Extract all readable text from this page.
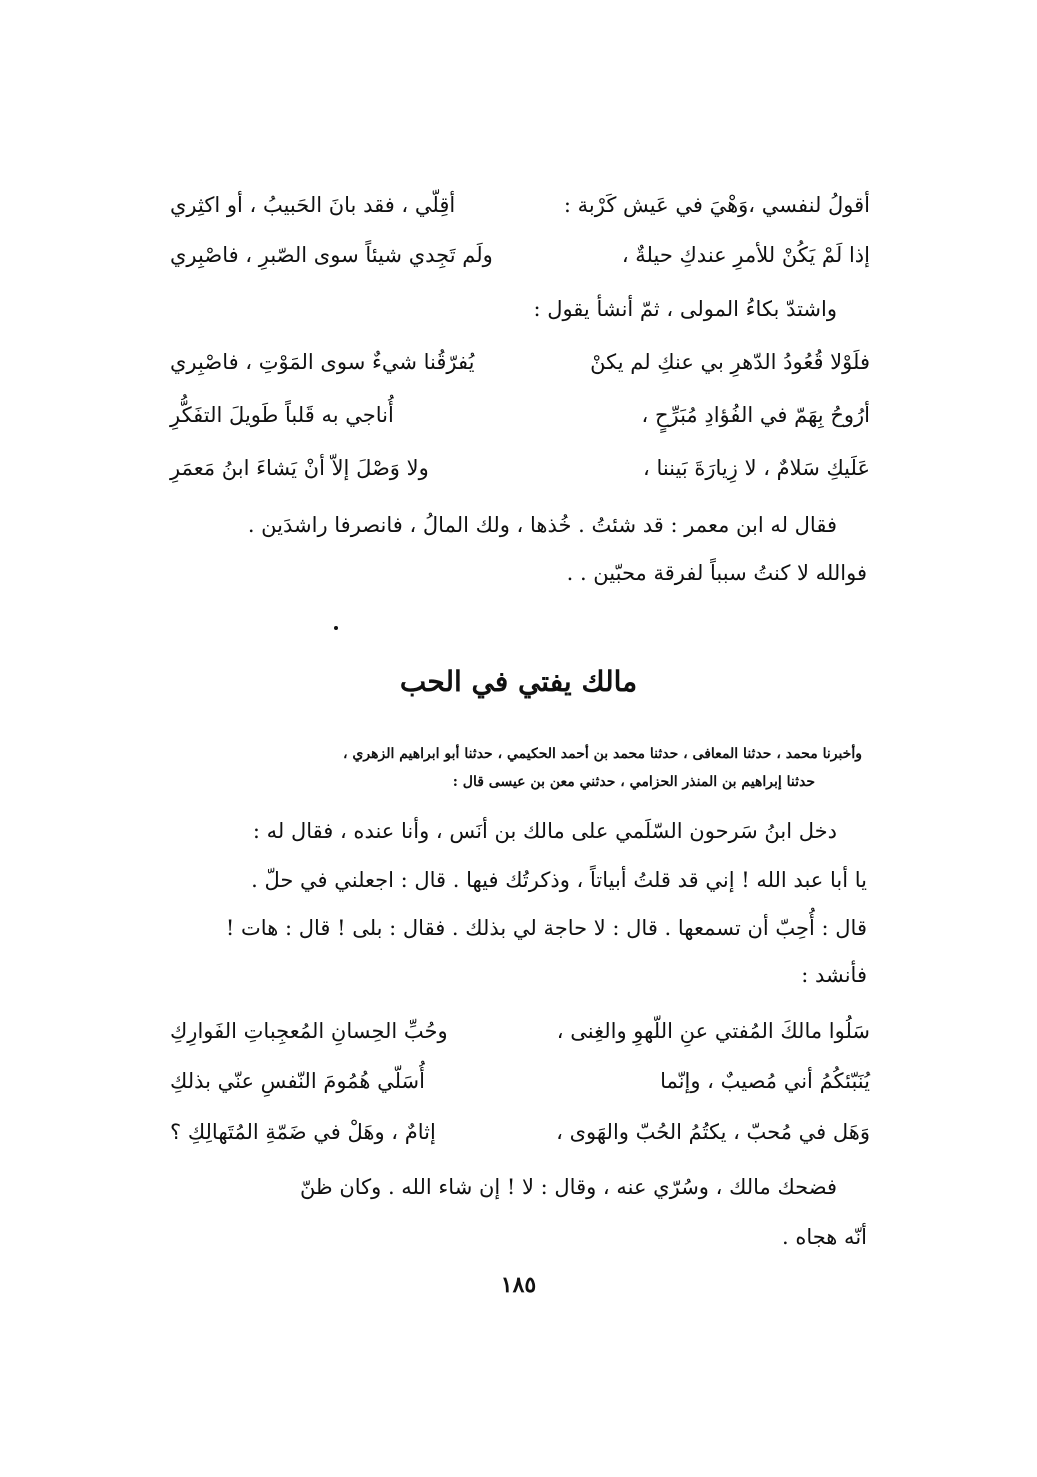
أقولُ لنفسي ،وَهْيَ في عَيش كَرْبة :
أقِلّي ، فقد بانَ الحَبيبُ ، أو اكثِري
إذا لَمْ يَكُنْ للأمرِ عندكِ حيلةٌ ،
ولَم تَجِدي شيئاً سوى الصّبرِ ، فاصْبِري
واشتدّ بكاءُ المولى ، ثمّ أنشأ يقول :
فلَوْلا قُعُودُ الدّهرِ بي عنكِ لم يكنْ
يُفرّقُنا شيءٌ سوى المَوْتِ ، فاصْبِري
أرُوحُ بِهَمّ في الفُؤادِ مُبَرِّحٍ ،
أُناجي به قَلباً طَويلَ التفَكُّرِ
عَلَيكِ سَلامٌ ، لا زِيارَةَ بَيننا ،
ولا وَصْلَ إلاّ أنْ يَشاءَ ابنُ مَعمَرِ
فقال له ابن معمر : قد شئتُ . خُذها ، ولك المالُ ، فانصرفا راشدَين .
فوالله لا كنتُ سبباً لفرقة محبّين . .
مالك يفتي في الحب
وأخبرنا محمد ، حدثنا المعافى ، حدثنا محمد بن أحمد الحكيمي ، حدثنا أبو ابراهيم الزهري ،
حدثنا إبراهيم بن المنذر الحزامي ، حدثني معن بن عيسى قال :
دخل ابنُ سَرحون السّلَمي على مالك بن أنَس ، وأنا عنده ، فقال له :
يا أبا عبد الله ! إني قد قلتُ أبياتاً ، وذكرتُك فيها . قال : اجعلني في حلّ .
قال : أُحِبّ أن تسمعها . قال : لا حاجة لي بذلك . فقال : بلى ! قال : هات !
فأنشد :
سَلُوا مالكَ المُفتي عنِ اللّهوِ والغِنى ،
وحُبِّ الحِسانِ المُعجِباتِ الفَوارِكِ
يُنَبّئكُمُ أني مُصيبٌ ، وإنّما
أُسَلّي هُمُومَ النّفسِ عنّي بذلكِ
وَهَل في مُحبّ ، يكتُمُ الحُبّ والهَوى ،
إثامٌ ، وهَلْ في ضَمّةِ المُتَهالِكِ ؟
فضحك مالك ، وسُرّي عنه ، وقال : لا ! إن شاء الله . وكان ظنّ
أنّه هجاه .
١٨٥
